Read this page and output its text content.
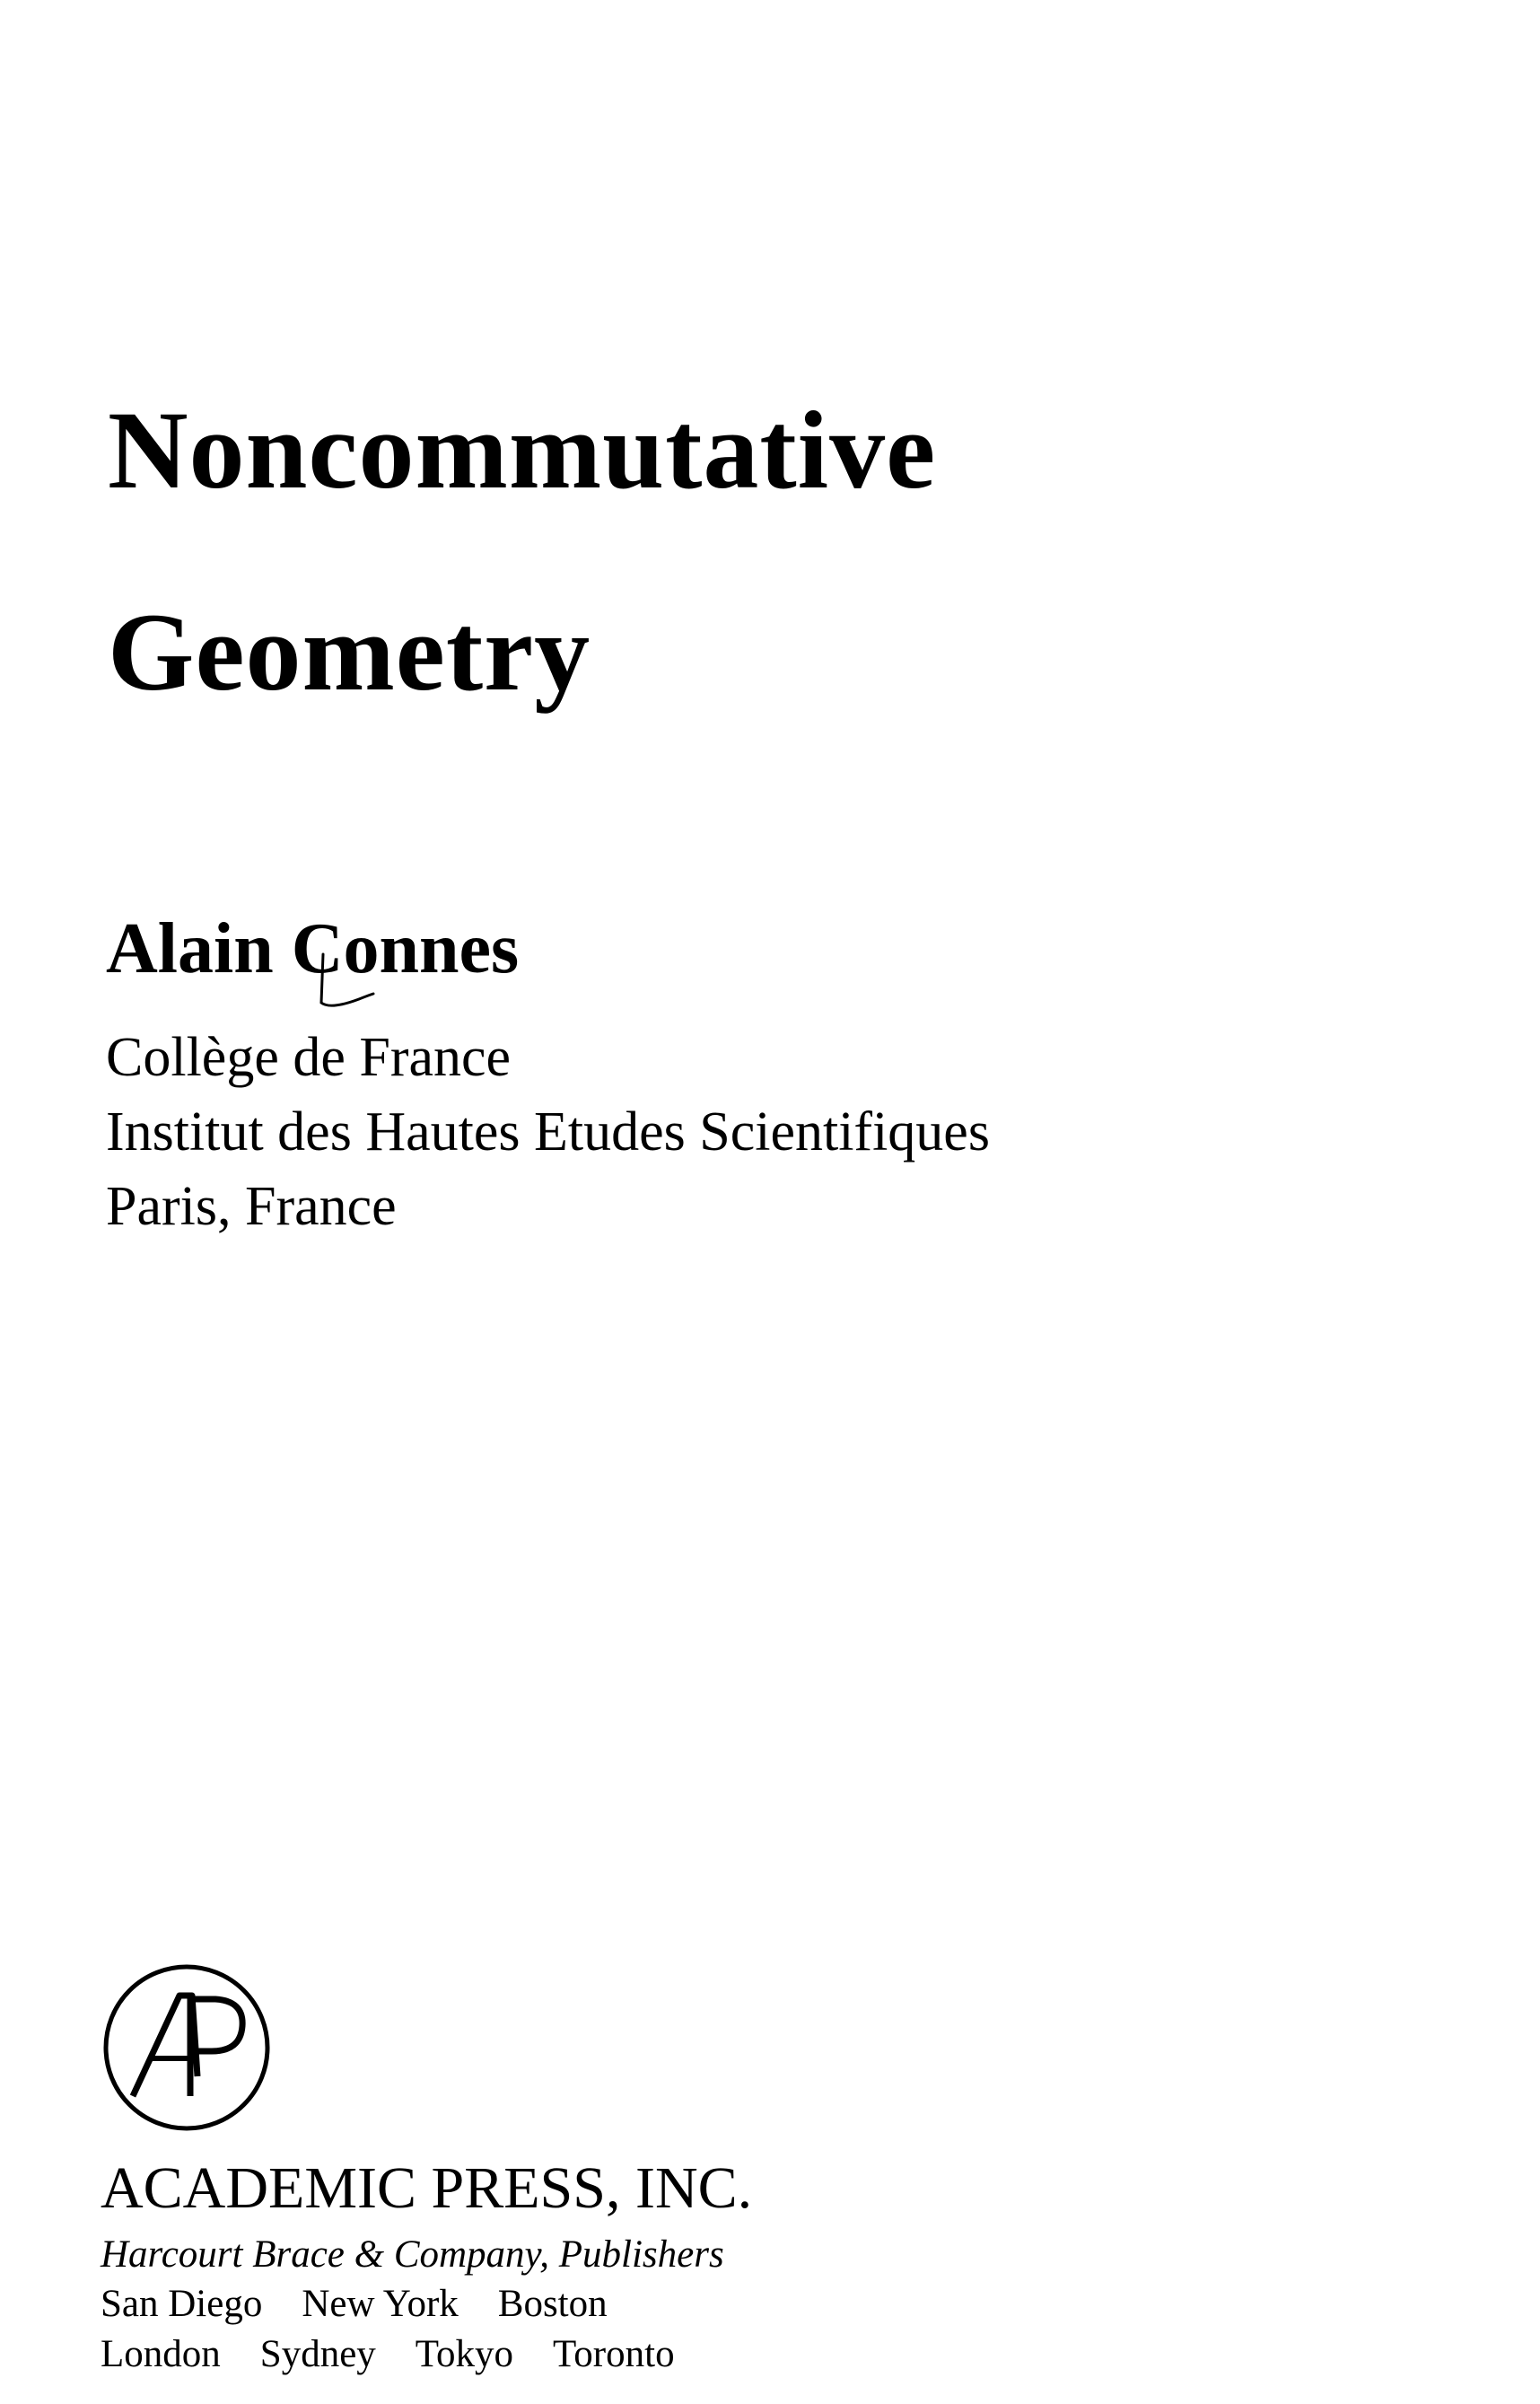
Noncommutative
Geometry
Alain Connes

Collège de France

Institut des Hautes Etudes Scientifiques

Paris, France

ACADEMIC PRESS, INC.

Harcourt Brace & Company, Publishers

San Diego New York Boston

London Sydney Tokyo Toronto
